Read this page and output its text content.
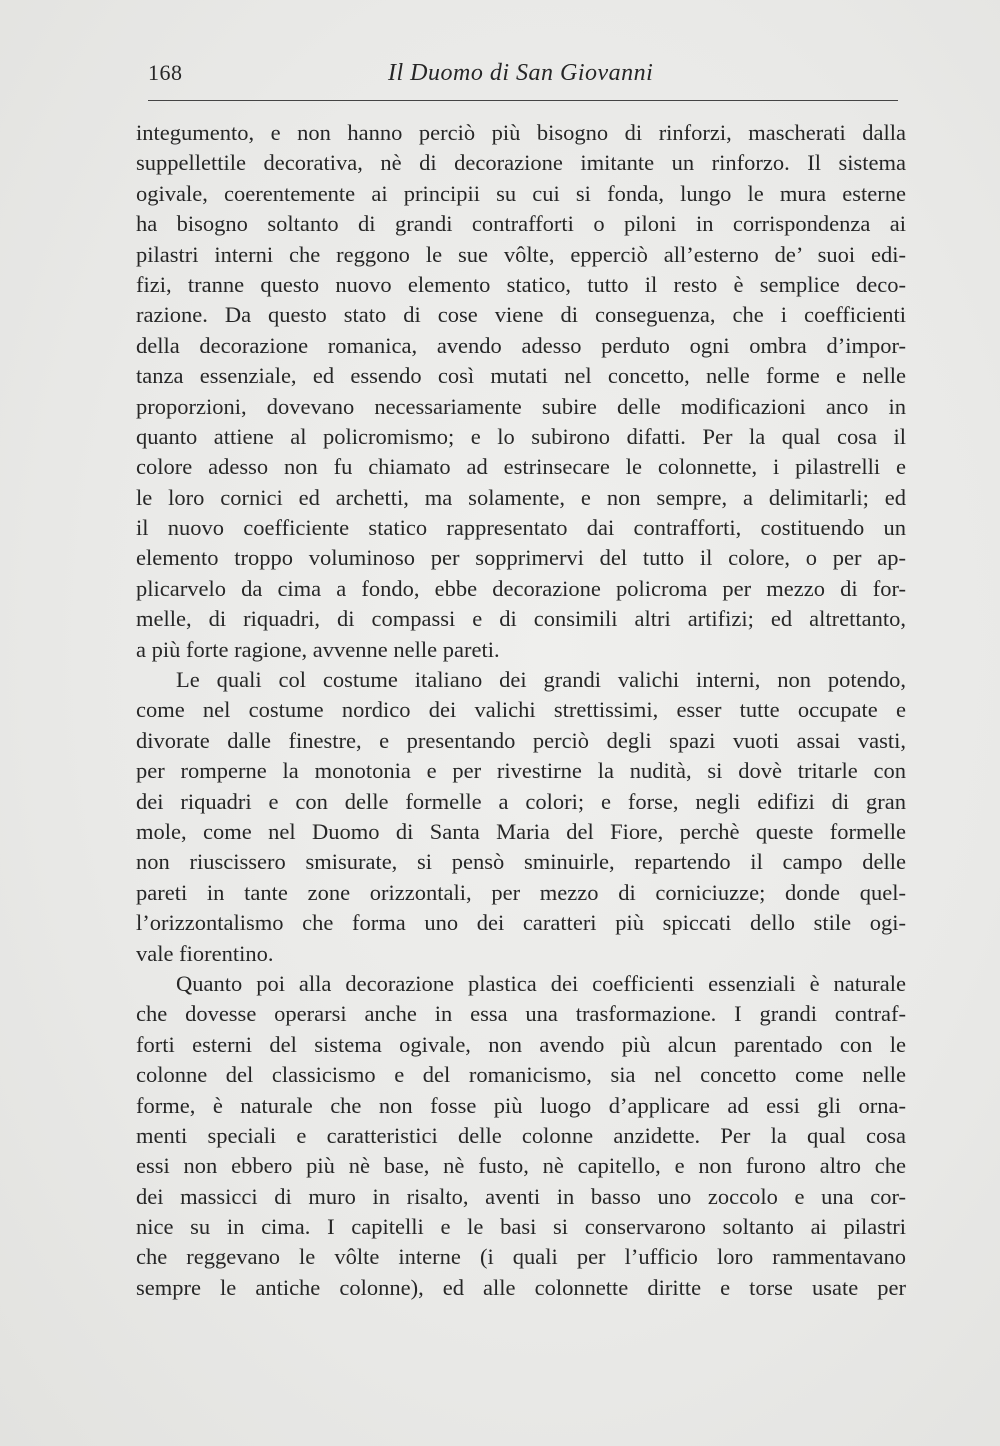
168	Il Duomo di San Giovanni
integumento, e non hanno perciò più bisogno di rinforzi, mascherati dalla
suppellettile decorativa, nè di decorazione imitante un rinforzo. Il sistema
ogivale, coerentemente ai principii su cui si fonda, lungo le mura esterne
ha bisogno soltanto di grandi contrafforti o piloni in corrispondenza ai
pilastri interni che reggono le sue vôlte, epperciò all’esterno de’ suoi edi-
fizi, tranne questo nuovo elemento statico, tutto il resto è semplice deco-
razione. Da questo stato di cose viene di conseguenza, che i coefficienti
della decorazione romanica, avendo adesso perduto ogni ombra d’impor-
tanza essenziale, ed essendo così mutati nel concetto, nelle forme e nelle
proporzioni, dovevano necessariamente subire delle modificazioni anco in
quanto attiene al policromismo; e lo subirono difatti. Per la qual cosa il
colore adesso non fu chiamato ad estrinsecare le colonnette, i pilastrelli e
le loro cornici ed archetti, ma solamente, e non sempre, a delimitarli; ed
il nuovo coefficiente statico rappresentato dai contrafforti, costituendo un
elemento troppo voluminoso per sopprimervi del tutto il colore, o per ap-
plicarvelo da cima a fondo, ebbe decorazione policroma per mezzo di for-
melle, di riquadri, di compassi e di consimili altri artifizi; ed altrettanto,
a più forte ragione, avvenne nelle pareti.
Le quali col costume italiano dei grandi valichi interni, non potendo,
come nel costume nordico dei valichi strettissimi, esser tutte occupate e
divorate dalle finestre, e presentando perciò degli spazi vuoti assai vasti,
per romperne la monotonia e per rivestirne la nudità, si dovè tritarle con
dei riquadri e con delle formelle a colori; e forse, negli edifizi di gran
mole, come nel Duomo di Santa Maria del Fiore, perchè queste formelle
non riuscissero smisurate, si pensò sminuirle, repartendo il campo delle
pareti in tante zone orizzontali, per mezzo di corniciuzze; donde quel-
l’orizzontalismo che forma uno dei caratteri più spiccati dello stile ogi-
vale fiorentino.
Quanto poi alla decorazione plastica dei coefficienti essenziali è naturale
che dovesse operarsi anche in essa una trasformazione. I grandi contraf-
forti esterni del sistema ogivale, non avendo più alcun parentado con le
colonne del classicismo e del romanicismo, sia nel concetto come nelle
forme, è naturale che non fosse più luogo d’applicare ad essi gli orna-
menti speciali e caratteristici delle colonne anzidette. Per la qual cosa
essi non ebbero più nè base, nè fusto, nè capitello, e non furono altro che
dei massicci di muro in risalto, aventi in basso uno zoccolo e una cor-
nice su in cima. I capitelli e le basi si conservarono soltanto ai pilastri
che reggevano le vôlte interne (i quali per l’ufficio loro rammentavano
sempre le antiche colonne), ed alle colonnette diritte e torse usate per
